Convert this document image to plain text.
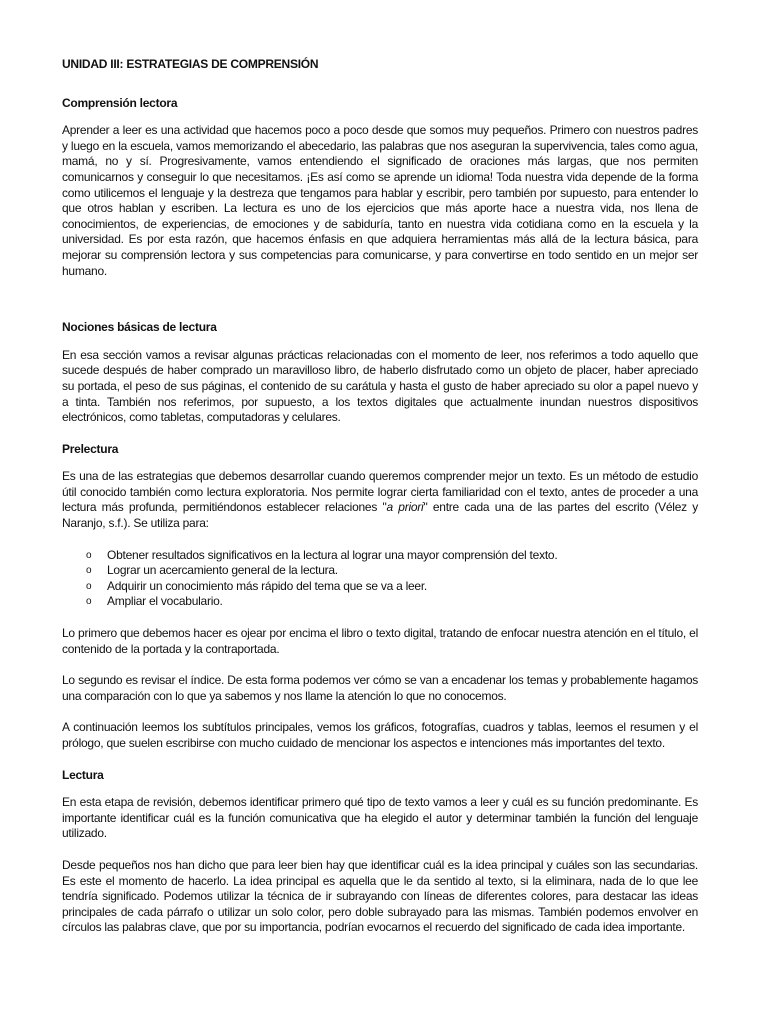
UNIDAD III: ESTRATEGIAS DE COMPRENSIÓN
Comprensión lectora

Aprender a leer es una actividad que hacemos poco a poco desde que somos muy pequeños. Primero con nuestros padres y luego en la escuela, vamos memorizando el abecedario, las palabras que nos aseguran la supervivencia, tales como agua, mamá, no y sí. Progresivamente, vamos entendiendo el significado de oraciones más largas, que nos permiten comunicarnos y conseguir lo que necesitamos. ¡Es así como se aprende un idioma! Toda nuestra vida depende de la forma como utilicemos el lenguaje y la destreza que tengamos para hablar y escribir, pero también por supuesto, para entender lo que otros hablan y escriben. La lectura es uno de los ejercicios que más aporte hace a nuestra vida, nos llena de conocimientos, de experiencias, de emociones y de sabiduría, tanto en nuestra vida cotidiana como en la escuela y la universidad. Es por esta razón, que hacemos énfasis en que adquiera herramientas más allá de la lectura básica, para mejorar su comprensión lectora y sus competencias para comunicarse, y para convertirse en todo sentido en un mejor ser humano.

Nociones básicas de lectura

En esa sección vamos a revisar algunas prácticas relacionadas con el momento de leer, nos referimos a todo aquello que sucede después de haber comprado un maravilloso libro, de haberlo disfrutado como un objeto de placer, haber apreciado su portada, el peso de sus páginas, el contenido de su carátula y hasta el gusto de haber apreciado su olor a papel nuevo y a tinta. También nos referimos, por supuesto, a los textos digitales que actualmente inundan nuestros dispositivos electrónicos, como tabletas, computadoras y celulares.

Prelectura

Es una de las estrategias que debemos desarrollar cuando queremos comprender mejor un texto. Es un método de estudio útil conocido también como lectura exploratoria. Nos permite lograr cierta familiaridad con el texto, antes de proceder a una lectura más profunda, permitiéndonos establecer relaciones "a priori" entre cada una de las partes del escrito (Vélez y Naranjo, s.f.). Se utiliza para:

o Obtener resultados significativos en la lectura al lograr una mayor comprensión del texto.
o Lograr un acercamiento general de la lectura.
o Adquirir un conocimiento más rápido del tema que se va a leer.
o Ampliar el vocabulario.

Lo primero que debemos hacer es ojear por encima el libro o texto digital, tratando de enfocar nuestra atención en el título, el contenido de la portada y la contraportada.

Lo segundo es revisar el índice. De esta forma podemos ver cómo se van a encadenar los temas y probablemente hagamos una comparación con lo que ya sabemos y nos llame la atención lo que no conocemos.

A continuación leemos los subtítulos principales, vemos los gráficos, fotografías, cuadros y tablas, leemos el resumen y el prólogo, que suelen escribirse con mucho cuidado de mencionar los aspectos e intenciones más importantes del texto.

Lectura

En esta etapa de revisión, debemos identificar primero qué tipo de texto vamos a leer y cuál es su función predominante. Es importante identificar cuál es la función comunicativa que ha elegido el autor y determinar también la función del lenguaje utilizado.

Desde pequeños nos han dicho que para leer bien hay que identificar cuál es la idea principal y cuáles son las secundarias. Es este el momento de hacerlo. La idea principal es aquella que le da sentido al texto, si la eliminara, nada de lo que lee tendría significado. Podemos utilizar la técnica de ir subrayando con líneas de diferentes colores, para destacar las ideas principales de cada párrafo o utilizar un solo color, pero doble subrayado para las mismas. También podemos envolver en círculos las palabras clave, que por su importancia, podrían evocarnos el recuerdo del significado de cada idea importante.
